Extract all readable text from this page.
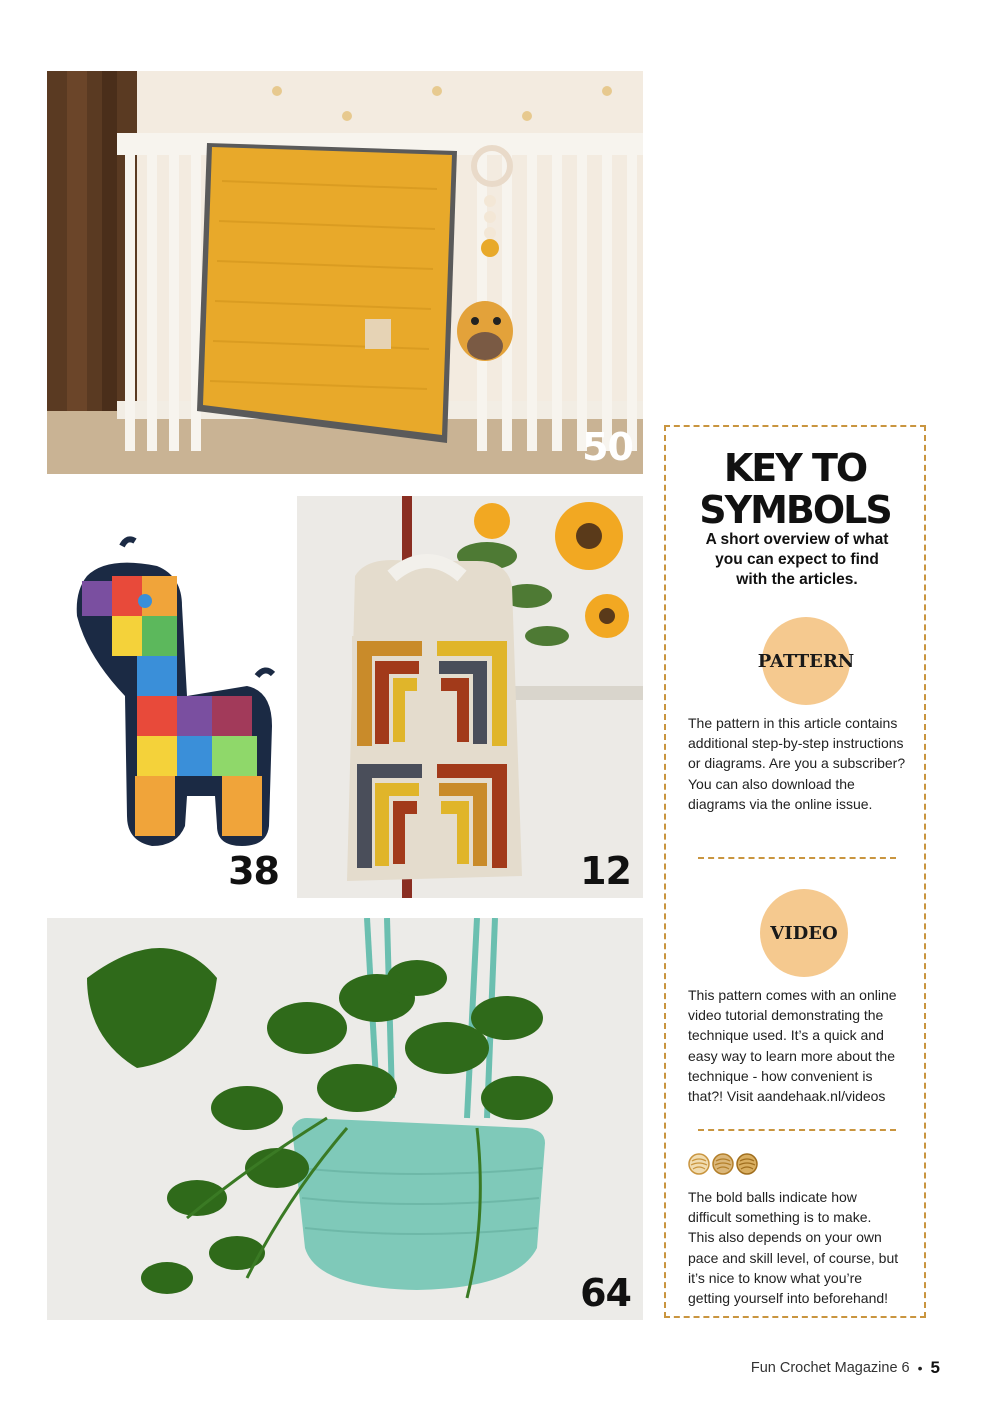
50
38	12
64
KEY TO
SYMBOLS
A short overview of what
you can expect to find
with the articles.
PATTERN
The pattern in this article contains
additional step-by-step instructions
or diagrams. Are you a subscriber?
You can also download the
diagrams via the online issue.
VIDEO
This pattern comes with an online
video tutorial demonstrating the
technique used. It’s a quick and
easy way to learn more about the
technique - how convenient is
that?! Visit aandehaak.nl/videos
The bold balls indicate how
difficult something is to make.
This also depends on your own
pace and skill level, of course, but
it’s nice to know what you’re
getting yourself into beforehand!
Fun Crochet Magazine 6 • 5
